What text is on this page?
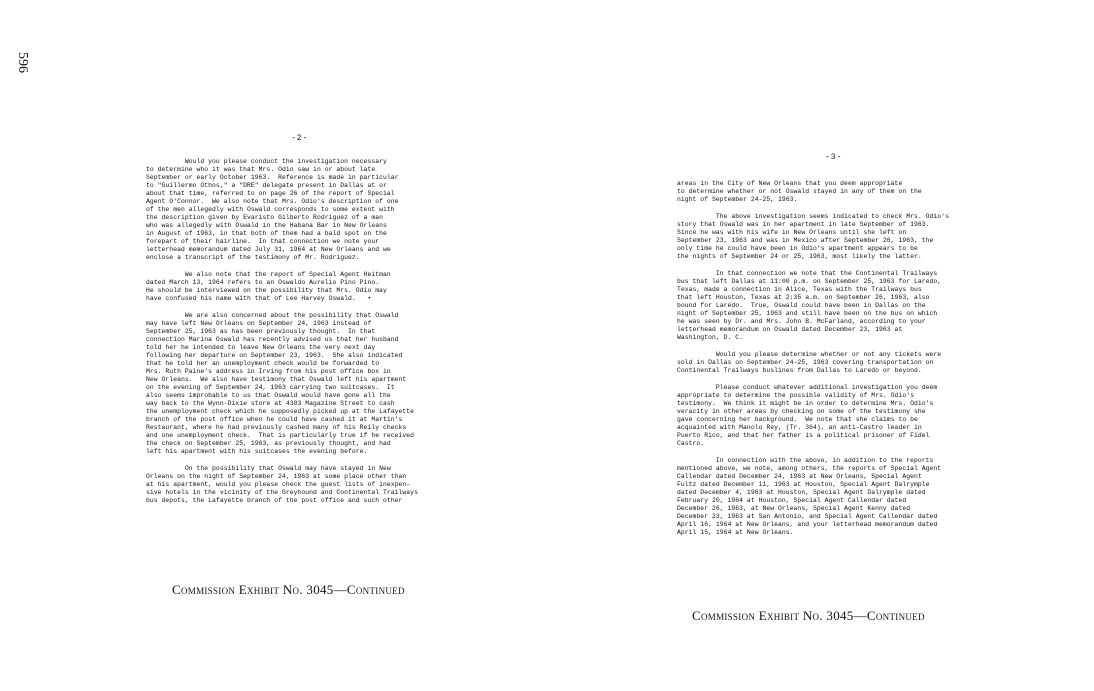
596
-2-

Would you please conduct the investigation necessary
to determine who it was that Mrs. Odio saw in or about late
September or early October 1963.  Reference is made in particular
to "Guillermo Othos," a "DRE" delegate present in Dallas at or
about that time, referred to on page 26 of the report of Special
Agent O'Connor.  We also note that Mrs. Odio's description of one
of the men allegedly with Oswald corresponds to some extent with
the description given by Evaristo Gilberto Rodriguez of a man
who was allegedly with Oswald in the Habana Bar in New Orleans
in August of 1963, in that both of them had a bald spot on the
forepart of their hairline.  In that connection we note your
letterhead memorandum dated July 31, 1964 at New Orleans and we
enclose a transcript of the testimony of Mr. Rodriguez.

We also note that the report of Special Agent Heitman
dated March 13, 1964 refers to an Oswaldo Aurelio Pino Pino.
He should be interviewed on the possibility that Mrs. Odio may
have confused his name with that of Lee Harvey Oswald.   •

We are also concerned about the possibility that Oswald
may have left New Orleans on September 24, 1963 instead of
September 25, 1963 as has been previously thought.  In that
connection Marina Oswald has recently advised us that her husband
told her he intended to leave New Orleans the very next day
following her departure on September 23, 1963.  She also indicated
that he told her an unemployment check would be forwarded to
Mrs. Ruth Paine's address in Irving from his post office box in
New Orleans.  We also have testimony that Oswald left his apartment
on the evening of September 24, 1963 carrying two suitcases.  It
also seems improbable to us that Oswald would have gone all the
way back to the Wynn-Dixie store at 4303 Magazine Street to cash
the unemployment check which he supposedly picked up at the Lafayette
branch of the post office when he could have cashed it at Martin's
Restaurant, where he had previously cashed many of his Reily checks
and one unemployment check.  That is particularly true if he received
the check on September 25, 1963, as previously thought, and had
left his apartment with his suitcases the evening before.

On the possibility that Oswald may have stayed in New
Orleans on the night of September 24, 1963 at some place other than
at his apartment, would you please check the guest lists of inexpen-
sive hotels in the vicinity of the Greyhound and Continental Trailways
bus depots, the Lafayette branch of the post office and such other

Commission Exhibit No. 3045—Continued
-3-

areas in the City of New Orleans that you deem appropriate
to determine whether or not Oswald stayed in any of them on the
night of September 24-25, 1963.

The above investigation seems indicated to check Mrs. Odio's
story that Oswald was in her apartment in late September of 1963.
Since he was with his wife in New Orleans until she left on
September 23, 1963 and was in Mexico after September 26, 1963, the
only time he could have been in Odio's apartment appears to be
the nights of September 24 or 25, 1963, most likely the latter.

In that connection we note that the Continental Trailways
bus that left Dallas at 11:00 p.m. on September 25, 1963 for Laredo,
Texas, made a connection in Alice, Texas with the Trailways bus
that left Houston, Texas at 2:35 a.m. on September 26, 1963, also
bound for Laredo.  True, Oswald could have been in Dallas on the
night of September 25, 1963 and still have been on the bus on which
he was seen by Dr. and Mrs. John B. McFarland, according to your
letterhead memorandum on Oswald dated December 23, 1963 at
Washington, D. C.

Would you please determine whether or not any tickets were
sold in Dallas on September 24-25, 1963 covering transportation on
Continental Trailways buslines from Dallas to Laredo or beyond.

Please conduct whatever additional investigation you deem
appropriate to determine the possible validity of Mrs. Odio's
testimony.  We think it might be in order to determine Mrs. Odio's
veracity in other areas by checking on some of the testimony she
gave concerning her background.  We note that she claims to be
acquainted with Manolo Rey, (Tr. 364), an anti-Castro leader in
Puerto Rico, and that her father is a political prisoner of Fidel
Castro.

In connection with the above, in addition to the reports
mentioned above, we note, among others, the reports of Special Agent
Callendar dated December 24, 1963 at New Orleans, Special Agent
Fultz dated December 11, 1963 at Houston, Special Agent Dalrymple
dated December 4, 1963 at Houston, Special Agent Dalrymple dated
February 20, 1964 at Houston, Special Agent Callendar dated
December 26, 1963, at New Orleans, Special Agent Kenny dated
December 23, 1963 at San Antonio, and Special Agent Callendar dated
April 16, 1964 at New Orleans, and your letterhead memorandum dated
April 15, 1964 at New Orleans.

Commission Exhibit No. 3045—Continued
